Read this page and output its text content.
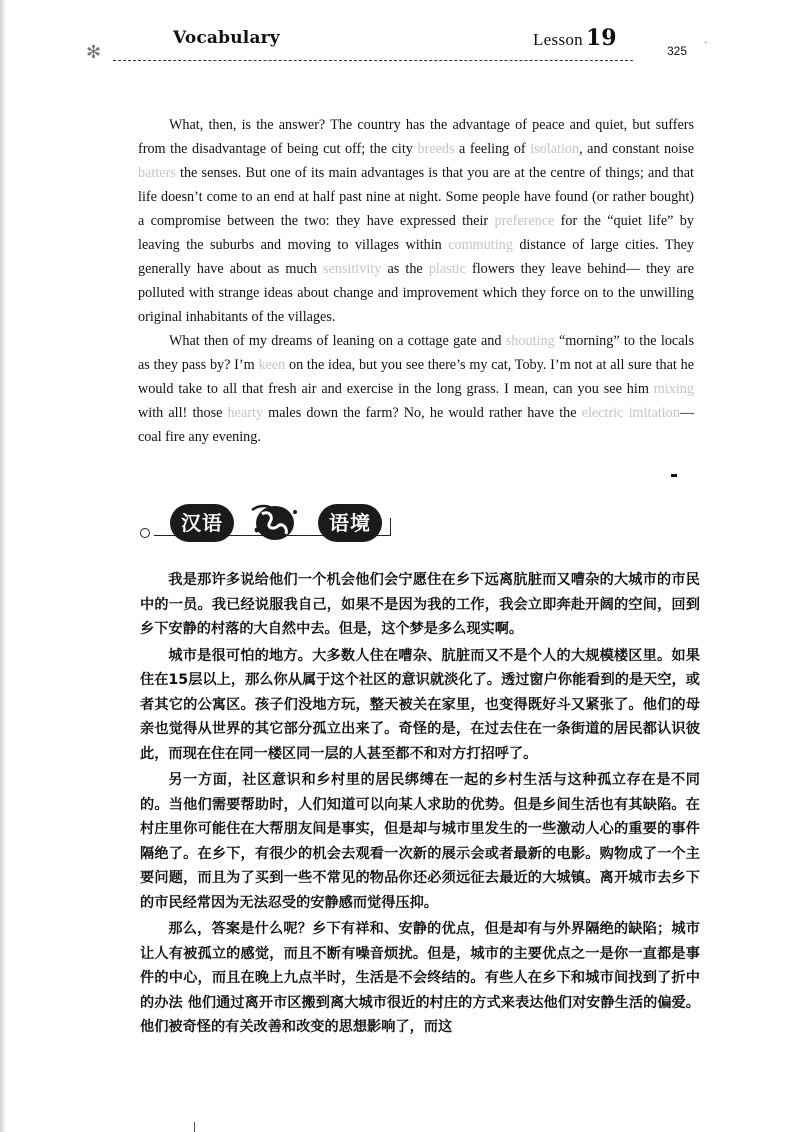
Vocabulary	Lesson 19	325
✻	·

What, then, is the answer? The country has the advantage of peace and quiet, but suffers from the disadvantage of being cut off; the city breeds a feeling of isolation, and constant noise batters the senses. But one of its main advantages is that you are at the centre of things; and that life doesn’t come to an end at half past nine at night. Some people have found (or rather bought) a compromise between the two: they have expressed their preference for the “quiet life” by leaving the suburbs and moving to villages within commuting distance of large cities. They generally have about as much sensitivity as the plastic flowers they leave behind— they are polluted with strange ideas about change and improvement which they force on to the unwilling original inhabitants of the villages.

What then of my dreams of leaning on a cottage gate and shouting “morning” to the locals as they pass by? I’m keen on the idea, but you see there’s my cat, Toby. I’m not at all sure that he would take to all that fresh air and exercise in the long grass. I mean, can you see him mixing with all! those hearty males down the farm? No, he would rather have the electric imitation— coal fire any evening.

汉语	语境

我是那许多说给他们一个机会他们会宁愿住在乡下远离肮脏而又嘈杂的大城市的市民中的一员。我已经说服我自己，如果不是因为我的工作，我会立即奔赴开阔的空间，回到乡下安静的村落的大自然中去。但是，这个梦是多么现实啊。

城市是很可怕的地方。大多数人住在嘈杂、肮脏而又不是个人的大规模楼区里。如果住在15层以上，那么你从属于这个社区的意识就淡化了。透过窗户你能看到的是天空，或者其它的公寓区。孩子们没地方玩，整天被关在家里，也变得既好斗又紧张了。他们的母亲也觉得从世界的其它部分孤立出来了。奇怪的是，在过去住在一条街道的居民都认识彼此，而现在住在同一楼区同一层的人甚至都不和对方打招呼了。

另一方面，社区意识和乡村里的居民绑缚在一起的乡村生活与这种孤立存在是不同的。当他们需要帮助时，人们知道可以向某人求助的优势。但是乡间生活也有其缺陷。在村庄里你可能住在大帮朋友间是事实，但是却与城市里发生的一些激动人心的重要的事件隔绝了。在乡下，有很少的机会去观看一次新的展示会或者最新的电影。购物成了一个主要问题，而且为了买到一些不常见的物品你还必须远征去最近的大城镇。离开城市去乡下的市民经常因为无法忍受的安静感而觉得压抑。

那么，答案是什么呢？乡下有祥和、安静的优点，但是却有与外界隔绝的缺陷；城市让人有被孤立的感觉，而且不断有噪音烦扰。但是，城市的主要优点之一是你一直都是事件的中心，而且在晚上九点半时，生活是不会终结的。有些人在乡下和城市间找到了折中的办法 他们通过离开市区搬到离大城市很近的村庄的方式来表达他们对安静生活的偏爱。他们被奇怪的有关改善和改变的思想影响了，而这
